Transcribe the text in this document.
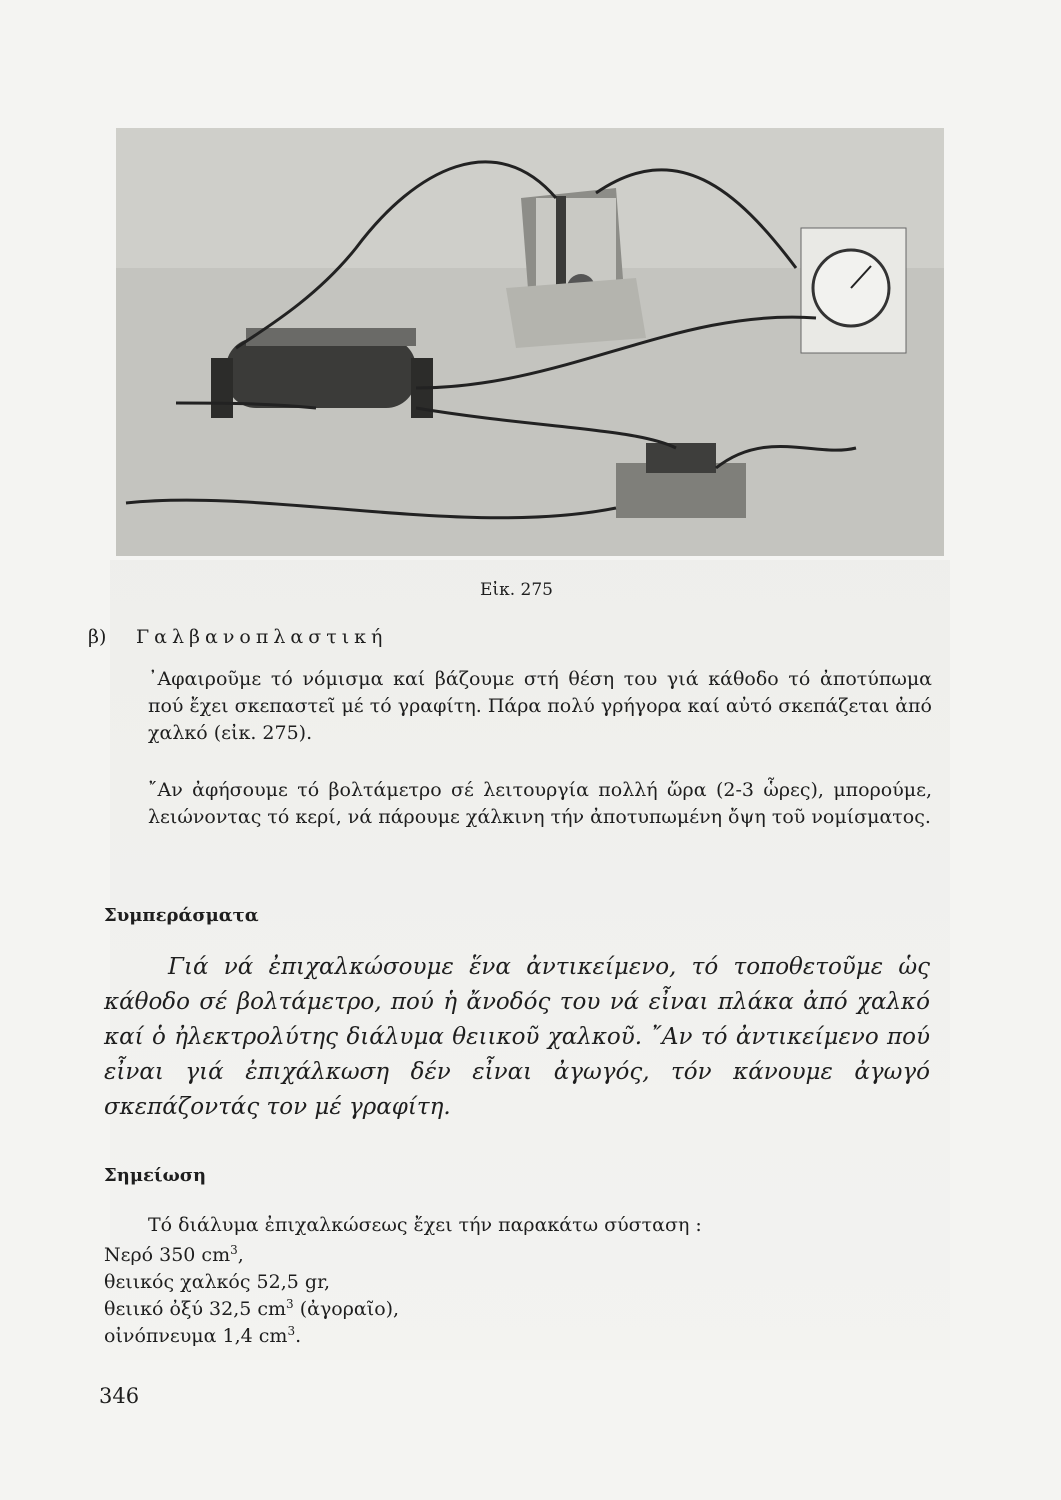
Εἰκ. 275
β) Γαλβανοπλαστική

᾿Αφαιροῦμε τό νόμισμα καί βάζουμε στή θέση του γιά κάθοδο τό ἀποτύπωμα πού ἔχει σκεπαστεῖ μέ τό γραφίτη. Πάρα πολύ γρήγορα καί αὐτό σκεπάζεται ἀπό χαλκό (εἰκ. 275).

῎Αν ἀφήσουμε τό βολτάμετρο σέ λειτουργία πολλή ὥρα (2-3 ὧρες), μπορούμε, λειώνοντας τό κερί, νά πάρουμε χάλκινη τήν ἀποτυπωμένη ὄψη τοῦ νομίσματος.

Συμπεράσματα

Γιά νά ἐπιχαλκώσουμε ἕνα ἀντικείμενο, τό τοποθετοῦμε ὡς κάθοδο σέ βολτάμετρο, πού ἡ ἄνοδός του νά εἶναι πλάκα ἀπό χαλκό καί ὁ ἠλεκτρολύτης διάλυμα θειικοῦ χαλκοῦ. ῎Αν τό ἀντικείμενο πού εἶναι γιά ἐπιχάλκωση δέν εἶναι ἀγωγός, τόν κάνουμε ἀγωγό σκεπάζοντάς τον μέ γραφίτη.

Σημείωση
Τό διάλυμα ἐπιχαλκώσεως ἔχει τήν παρακάτω σύσταση :
Νερό 350 $cm^3$,
θειικός χαλκός 52,5 gr,
θειικό ὀξύ 32,5 $cm^3$ (ἀγοραῖο),
οἰνόπνευμα 1,4 $cm^3$.
346
